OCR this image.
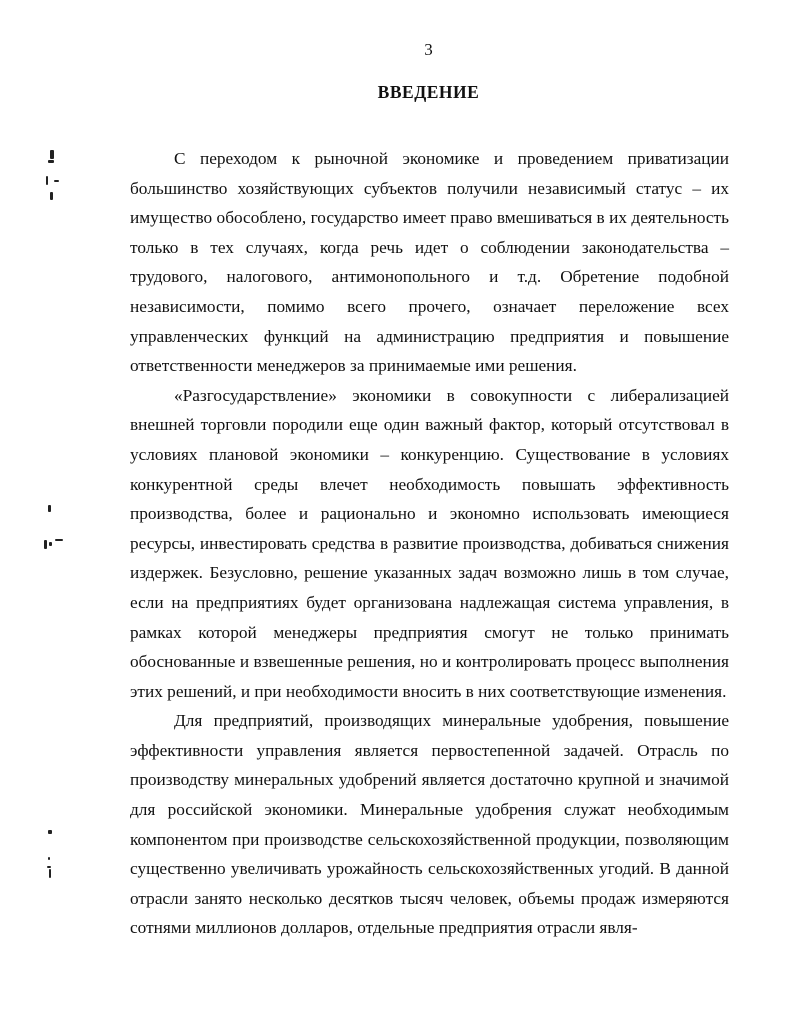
3
ВВЕДЕНИЕ

С переходом к рыночной экономике и проведением приватизации большинство хозяйствующих субъектов получили независимый статус – их имущество обособлено, государство имеет право вмешиваться в их деятельность только в тех случаях, когда речь идет о соблюдении законодательства – трудового, налогового, антимонопольного и т.д. Обретение подобной независимости, помимо всего прочего, означает переложение всех управленческих функций на администрацию предприятия и повышение ответственности менеджеров за принимаемые ими решения.

«Разгосударствление» экономики в совокупности с либерализацией внешней торговли породили еще один важный фактор, который отсутствовал в условиях плановой экономики – конкуренцию. Существование в условиях конкурентной среды влечет необходимость повышать эффективность производства, более и рационально и экономно использовать имеющиеся ресурсы, инвестировать средства в развитие производства, добиваться снижения издержек. Безусловно, решение указанных задач возможно лишь в том случае, если на предприятиях будет организована надлежащая система управления, в рамках которой менеджеры предприятия смогут не только принимать обоснованные и взвешенные решения, но и контролировать процесс выполнения этих решений, и при необходимости вносить в них соответствующие изменения.

Для предприятий, производящих минеральные удобрения, повышение эффективности управления является первостепенной задачей. Отрасль по производству минеральных удобрений является достаточно крупной и значимой для российской экономики. Минеральные удобрения служат необходимым компонентом при производстве сельскохозяйственной продукции, позволяющим существенно увеличивать урожайность сельскохозяйственных угодий. В данной отрасли занято несколько десятков тысяч человек, объемы продаж измеряются сотнями миллионов долларов, отдельные предприятия отрасли явля-
